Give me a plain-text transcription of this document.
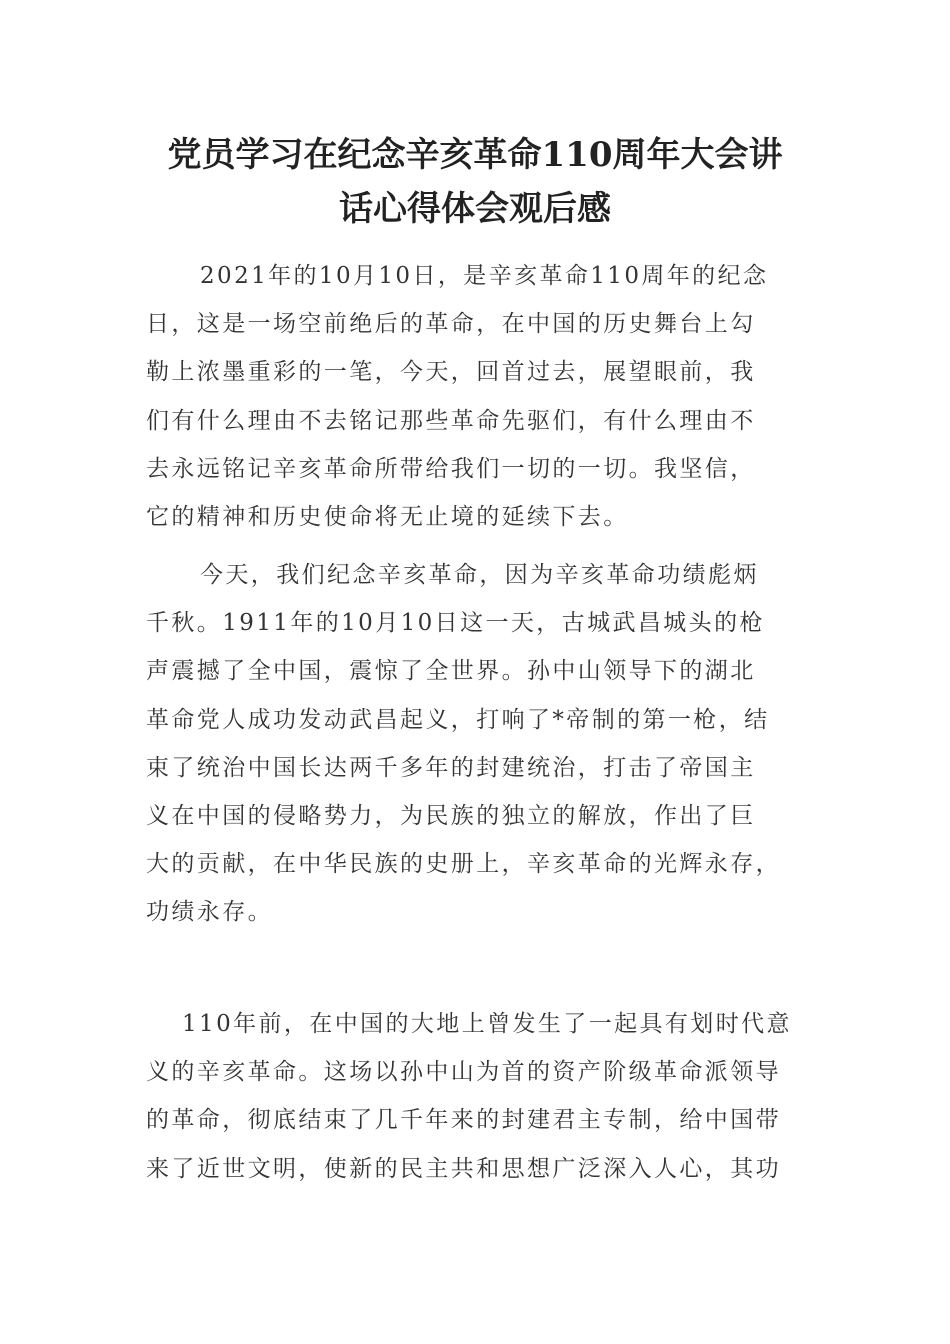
党员学习在纪念辛亥革命110周年大会讲
话心得体会观后感
2021年的10月10日，是辛亥革命110周年的纪念
日，这是一场空前绝后的革命，在中国的历史舞台上勾
勒上浓墨重彩的一笔，今天，回首过去，展望眼前，我
们有什么理由不去铭记那些革命先驱们，有什么理由不
去永远铭记辛亥革命所带给我们一切的一切。我坚信，
它的精神和历史使命将无止境的延续下去。
今天，我们纪念辛亥革命，因为辛亥革命功绩彪炳
千秋。1911年的10月10日这一天，古城武昌城头的枪
声震撼了全中国，震惊了全世界。孙中山领导下的湖北
革命党人成功发动武昌起义，打响了*帝制的第一枪，结
束了统治中国长达两千多年的封建统治，打击了帝国主
义在中国的侵略势力，为民族的独立的解放，作出了巨
大的贡献，在中华民族的史册上，辛亥革命的光辉永存，
功绩永存。
110年前，在中国的大地上曾发生了一起具有划时代意
义的辛亥革命。这场以孙中山为首的资产阶级革命派领导
的革命，彻底结束了几千年来的封建君主专制，给中国带
来了近世文明，使新的民主共和思想广泛深入人心，其功
